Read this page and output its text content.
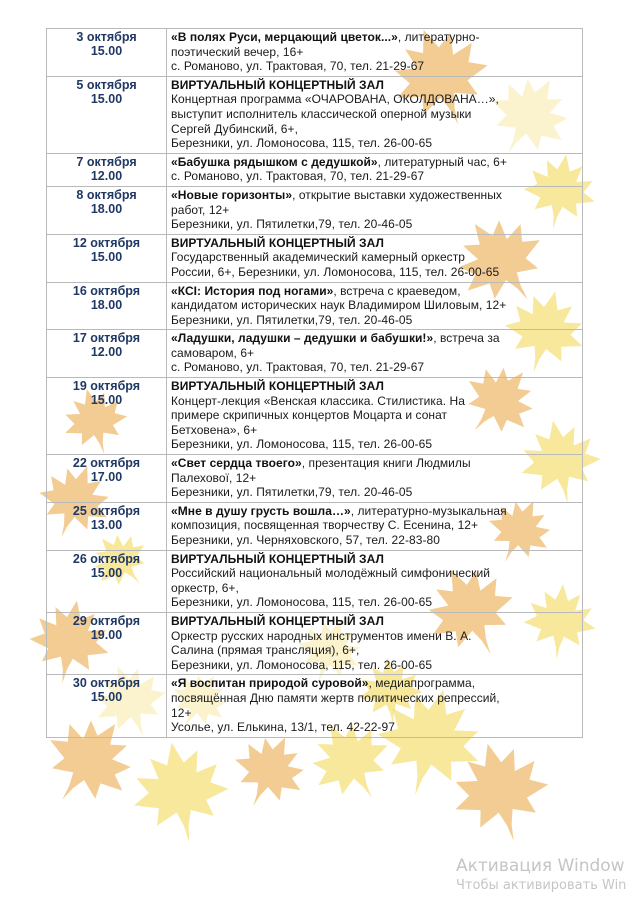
3 октября
15.00	«В полях Руси, мерцающий цветок...», литературно-
поэтический вечер, 16+
с. Романово, ул. Трактовая, 70, тел. 21-29-67

5 октября
15.00	ВИРТУАЛЬНЫЙ КОНЦЕРТНЫЙ ЗАЛ
Концертная программа «ОЧАРОВАНА, ОКОЛДОВАНА…»,
выступит исполнитель классической оперной музыки
Сергей Дубинский, 6+,
Березники, ул. Ломоносова, 115, тел. 26-00-65

7 октября
12.00	«Бабушка рядышком с дедушкой», литературный час, 6+
с. Романово, ул. Трактовая, 70, тел. 21-29-67

8 октября
18.00	«Новые горизонты», открытие выставки художественных
работ, 12+
Березники, ул. Пятилетки,79, тел. 20-46-05

12 октября
15.00	ВИРТУАЛЬНЫЙ КОНЦЕРТНЫЙ ЗАЛ
Государственный академический камерный оркестр
России, 6+, Березники, ул. Ломоносова, 115, тел. 26-00-65

16 октября
18.00	«КСI: История под ногами», встреча с краеведом,
кандидатом исторических наук Владимиром Шиловым, 12+
Березники, ул. Пятилетки,79, тел. 20-46-05

17 октября
12.00	«Ладушки, ладушки – дедушки и бабушки!», встреча за
самоваром, 6+
с. Романово, ул. Трактовая, 70, тел. 21-29-67

19 октября
15.00	ВИРТУАЛЬНЫЙ КОНЦЕРТНЫЙ ЗАЛ
Концерт-лекция «Венская классика. Стилистика. На
примере скрипичных концертов Моцарта и сонат
Бетховена», 6+
Березники, ул. Ломоносова, 115, тел. 26-00-65

22 октября
17.00	«Свет сердца твоего», презентация книги Людмилы
Палехової, 12+
Березники, ул. Пятилетки,79, тел. 20-46-05

25 октября
13.00	«Мне в душу грусть вошла…», литературно-музыкальная
композиция, посвященная творчеству С. Есенина, 12+
Березники, ул. Черняховского, 57, тел. 22-83-80

26 октября
15.00	ВИРТУАЛЬНЫЙ КОНЦЕРТНЫЙ ЗАЛ
Российский национальный молодёжный симфонический
оркестр, 6+,
Березники, ул. Ломоносова, 115, тел. 26-00-65

29 октября
19.00	ВИРТУАЛЬНЫЙ КОНЦЕРТНЫЙ ЗАЛ
Оркестр русских народных инструментов имени В. А.
Салина (прямая трансляция), 6+,
Березники, ул. Ломоносова, 115, тел. 26-00-65

30 октября
15.00	«Я воспитан природой суровой», медиапрограмма,
посвящённая Дню памяти жертв политических репрессий,
12+
Усолье, ул. Елькина, 13/1, тел. 42-22-97
Активация Window
Чтобы активировать Win
